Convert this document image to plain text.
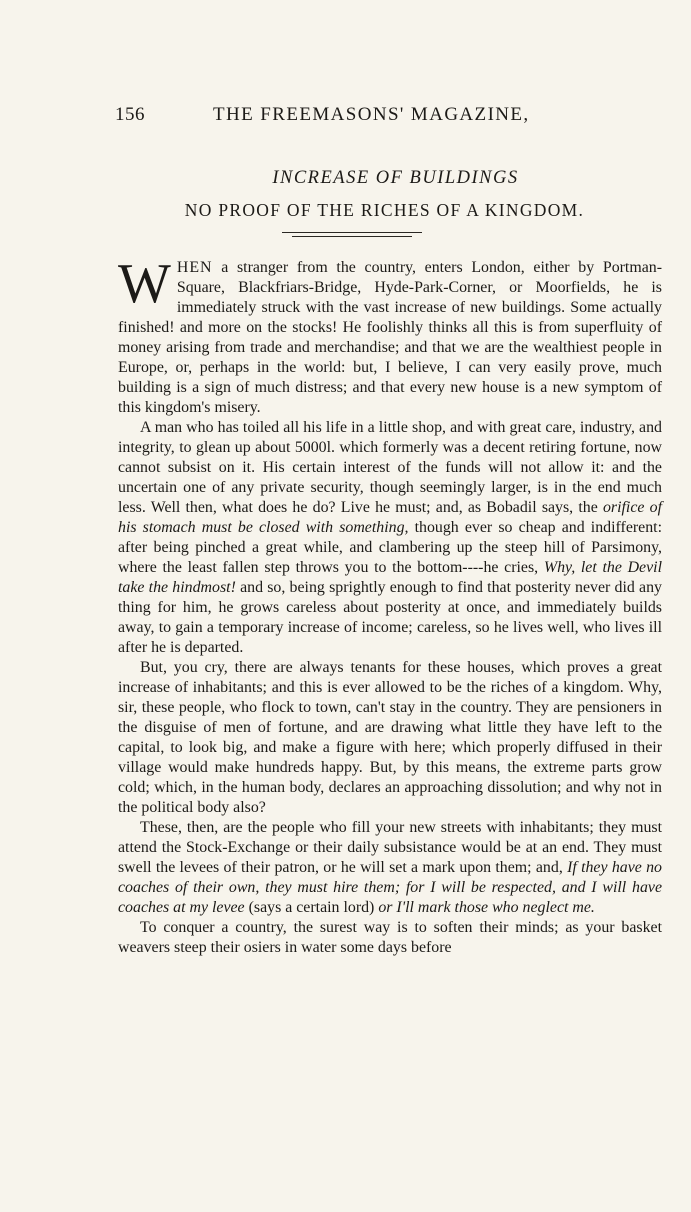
156	THE FREEMASONS' MAGAZINE,
INCREASE OF BUILDINGS
NO PROOF OF THE RICHES OF A KINGDOM.

WHEN a stranger from the country, enters London, either by Portman-Square, Blackfriars-Bridge, Hyde-Park-Corner, or Moorfields, he is immediately struck with the vast increase of new buildings. Some actually finished! and more on the stocks! He foolishly thinks all this is from superfluity of money arising from trade and merchandise; and that we are the wealthiest people in Europe, or, perhaps in the world: but, I believe, I can very easily prove, much building is a sign of much distress; and that every new house is a new symptom of this kingdom's misery.

A man who has toiled all his life in a little shop, and with great care, industry, and integrity, to glean up about 5000l. which formerly was a decent retiring fortune, now cannot subsist on it. His certain interest of the funds will not allow it: and the uncertain one of any private security, though seemingly larger, is in the end much less. Well then, what does he do? Live he must; and, as Bobadil says, the orifice of his stomach must be closed with something, though ever so cheap and indifferent: after being pinched a great while, and clambering up the steep hill of Parsimony, where the least fallen step throws you to the bottom----he cries, Why, let the Devil take the hindmost! and so, being sprightly enough to find that posterity never did any thing for him, he grows careless about posterity at once, and immediately builds away, to gain a temporary increase of income; careless, so he lives well, who lives ill after he is departed.

But, you cry, there are always tenants for these houses, which proves a great increase of inhabitants; and this is ever allowed to be the riches of a kingdom. Why, sir, these people, who flock to town, can't stay in the country. They are pensioners in the disguise of men of fortune, and are drawing what little they have left to the capital, to look big, and make a figure with here; which properly diffused in their village would make hundreds happy. But, by this means, the extreme parts grow cold; which, in the human body, declares an approaching dissolution; and why not in the political body also?

These, then, are the people who fill your new streets with inhabitants; they must attend the Stock-Exchange or their daily subsistance would be at an end. They must swell the levees of their patron, or he will set a mark upon them; and, If they have no coaches of their own, they must hire them; for I will be respected, and I will have coaches at my levee (says a certain lord) or I'll mark those who neglect me.

To conquer a country, the surest way is to soften their minds; as your basket weavers steep their osiers in water some days before
